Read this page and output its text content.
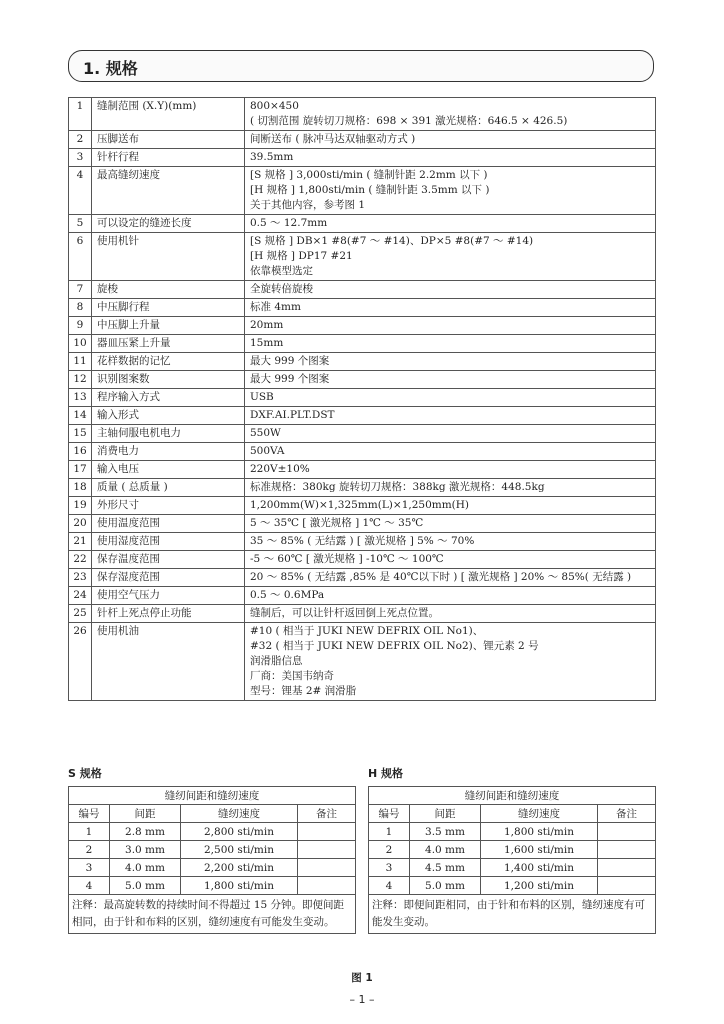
1. 规格
1	缝制范围 (X.Y)(mm)	800×450
( 切割范围 旋转切刀规格：698 × 391 激光规格：646.5 × 426.5)

2	压脚送布	间断送布 ( 脉冲马达双轴驱动方式 )

3	针杆行程	39.5mm

4	最高缝纫速度	[S 规格 ] 3,000sti/min ( 缝制针距 2.2mm 以下 )
[H 规格 ] 1,800sti/min ( 缝制针距 3.5mm 以下 )
关于其他内容，参考图 1

5	可以设定的缝迹长度	0.5 ～ 12.7mm

6	使用机针	[S 规格 ] DB×1 #8(#7 ～ #14)、DP×5 #8(#7 ～ #14)
[H 规格 ] DP17 #21
依靠模型选定

7	旋梭	全旋转倍旋梭

8	中压脚行程	标准 4mm

9	中压脚上升量	20mm

10	器皿压紧上升量	15mm

11	花样数据的记忆	最大 999 个图案

12	识别图案数	最大 999 个图案

13	程序输入方式	USB

14	输入形式	DXF.AI.PLT.DST

15	主轴伺服电机电力	550W

16	消费电力	500VA

17	输入电压	220V±10%

18	质量 ( 总质量 )	标准规格：380kg 旋转切刀规格：388kg 激光规格：448.5kg

19	外形尺寸	1,200mm(W)×1,325mm(L)×1,250mm(H)

20	使用温度范围	5 ～ 35℃ [ 激光规格 ] 1℃ ～ 35℃

21	使用湿度范围	35 ～ 85% ( 无结露 ) [ 激光规格 ] 5% ～ 70%

22	保存温度范围	-5 ～ 60℃ [ 激光规格 ] -10℃ ～ 100℃

23	保存湿度范围	20 ～ 85% ( 无结露 ,85% 是 40℃以下时 ) [ 激光规格 ] 20% ～ 85%( 无结露 )

24	使用空气压力	0.5 ～ 0.6MPa

25	针杆上死点停止功能	缝制后，可以让针杆返回倒上死点位置。

26	使用机油	#10 ( 相当于 JUKI NEW DEFRIX OIL No1)、
#32 ( 相当于 JUKI NEW DEFRIX OIL No2)、锂元素 2 号
润滑脂信息
厂商：美国韦纳奇
型号：锂基 2# 润滑脂
S 规格	H 规格
缝纫间距和缝纫速度			
编号	间距	缝纫速度	备注
1	2.8 mm	2,800 sti/min	
2	3.0 mm	2,500 sti/min	
3	4.0 mm	2,200 sti/min	
4	5.0 mm	1,800 sti/min	
注释：最高旋转数的持续时间不得超过 15 分钟。即便间距相同，由于针和布料的区别，缝纫速度有可能发生变动。			
缝纫间距和缝纫速度			
编号	间距	缝纫速度	备注
1	3.5 mm	1,800 sti/min	
2	4.0 mm	1,600 sti/min	
3	4.5 mm	1,400 sti/min	
4	5.0 mm	1,200 sti/min	
注释：即便间距相同，由于针和布料的区别，缝纫速度有可能发生变动。			
图 1
– 1 –
